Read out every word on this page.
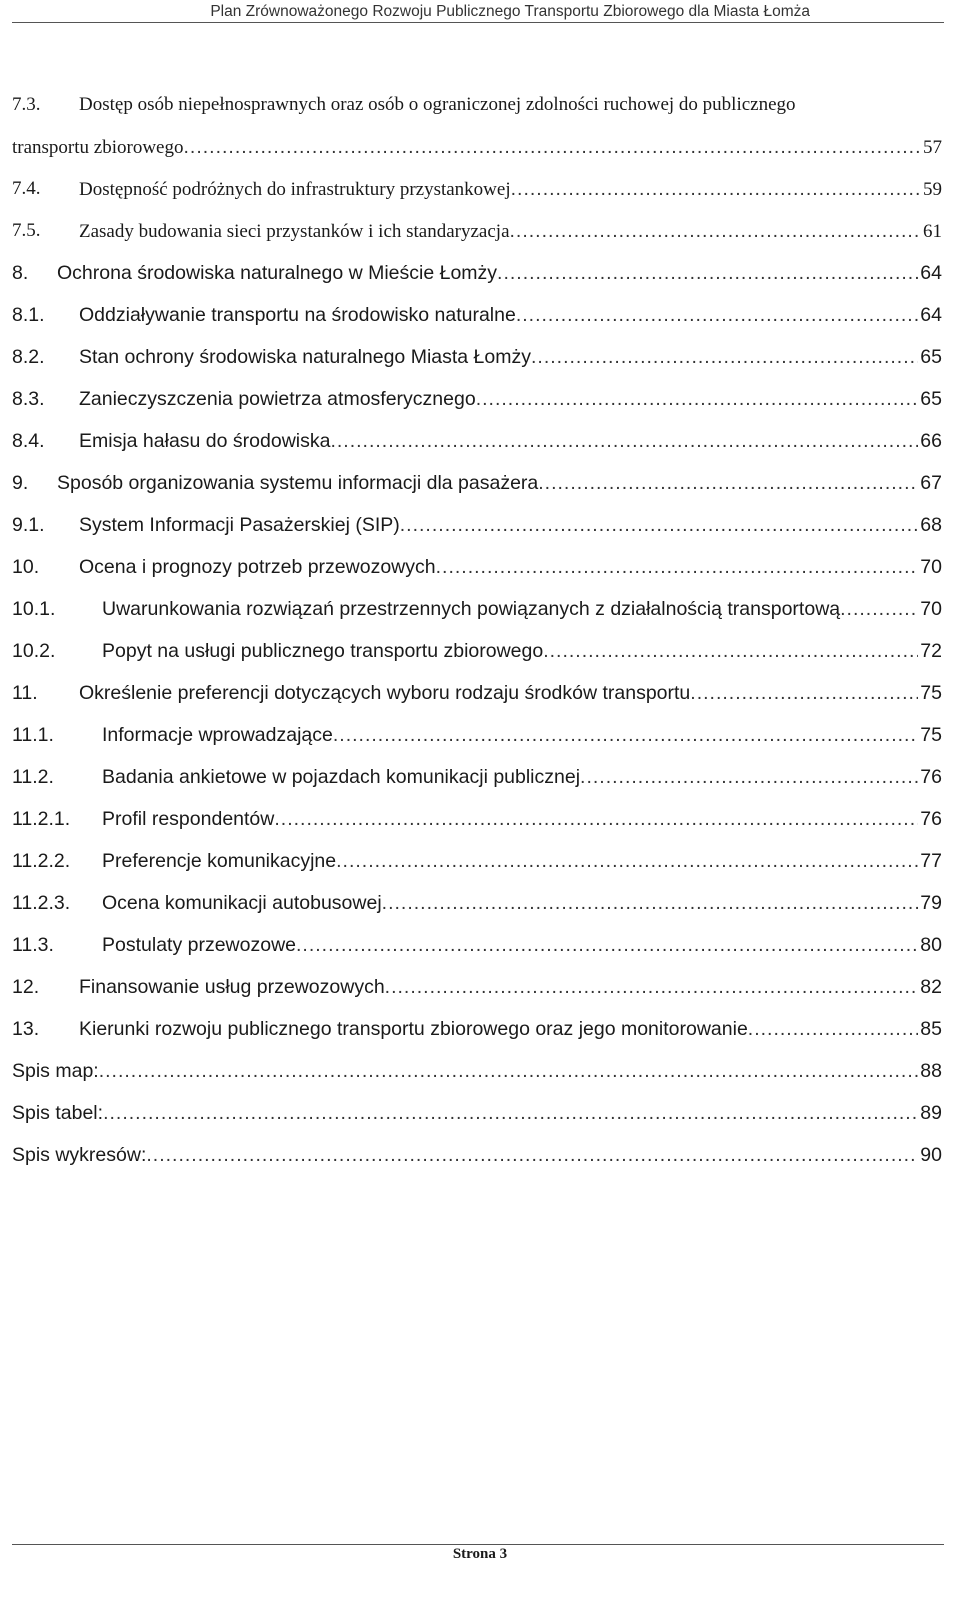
Plan Zrównoważonego Rozwoju Publicznego Transportu Zbiorowego dla Miasta Łomża
7.3. Dostęp osób niepełnosprawnych oraz osób o ograniczonej zdolności ruchowej do publicznego
transportu zbiorowego .....	57
7.4. Dostępność podróżnych do infrastruktury przystankowej .....	59
7.5. Zasady budowania sieci przystanków i ich standaryzacja .....	61
8. Ochrona środowiska naturalnego w Mieście Łomży .....	64
8.1. Oddziaływanie transportu na środowisko naturalne .....	64
8.2. Stan ochrony środowiska naturalnego Miasta Łomży .....	65
8.3. Zanieczyszczenia powietrza atmosferycznego .....	65
8.4. Emisja hałasu do środowiska .....	66
9. Sposób organizowania systemu informacji dla pasażera .....	67
9.1. System Informacji Pasażerskiej (SIP) .....	68
10. Ocena i prognozy potrzeb przewozowych .....	70
10.1. Uwarunkowania rozwiązań przestrzennych powiązanych z działalnością transportową .....	70
10.2. Popyt na usługi publicznego transportu zbiorowego .....	72
11. Określenie preferencji dotyczących wyboru rodzaju środków transportu .....	75
11.1. Informacje wprowadzające .....	75
11.2. Badania ankietowe w pojazdach komunikacji publicznej .....	76
11.2.1. Profil respondentów .....	76
11.2.2. Preferencje komunikacyjne .....	77
11.2.3. Ocena komunikacji autobusowej .....	79
11.3. Postulaty przewozowe .....	80
12. Finansowanie usług przewozowych .....	82
13. Kierunki rozwoju publicznego transportu zbiorowego oraz jego monitorowanie .....	85
Spis map: .....	88
Spis tabel: .....	89
Spis wykresów: .....	90
Strona 3
